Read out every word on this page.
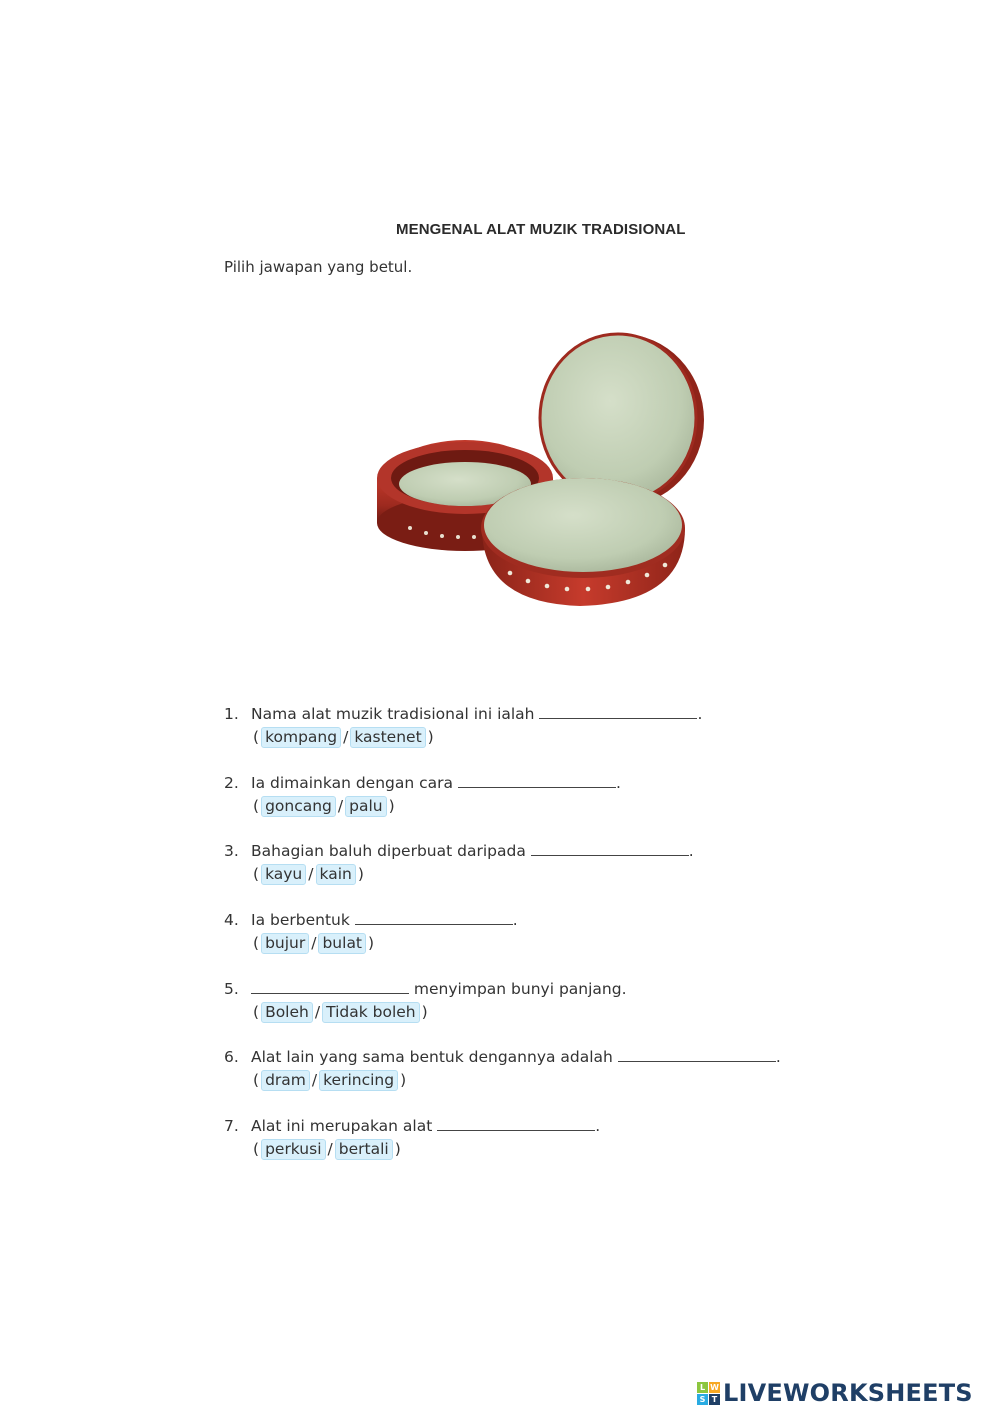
MENGENAL ALAT MUZIK TRADISIONAL
Pilih jawapan yang betul.
1. Nama alat muzik tradisional ini ialah	.
( kompang / kastenet )
2. Ia dimainkan dengan cara	.
( goncang / palu )
3. Bahagian baluh diperbuat daripada	.
( kayu / kain )
4. Ia berbentuk	.
( bujur / bulat )
5.	menyimpan bunyi panjang.
( Boleh / Tidak boleh )
6. Alat lain yang sama bentuk dengannya adalah	.
( dram / kerincing )
7. Alat ini merupakan alat	.
( perkusi / bertali )
L W
S T LIVEWORKSHEETS
